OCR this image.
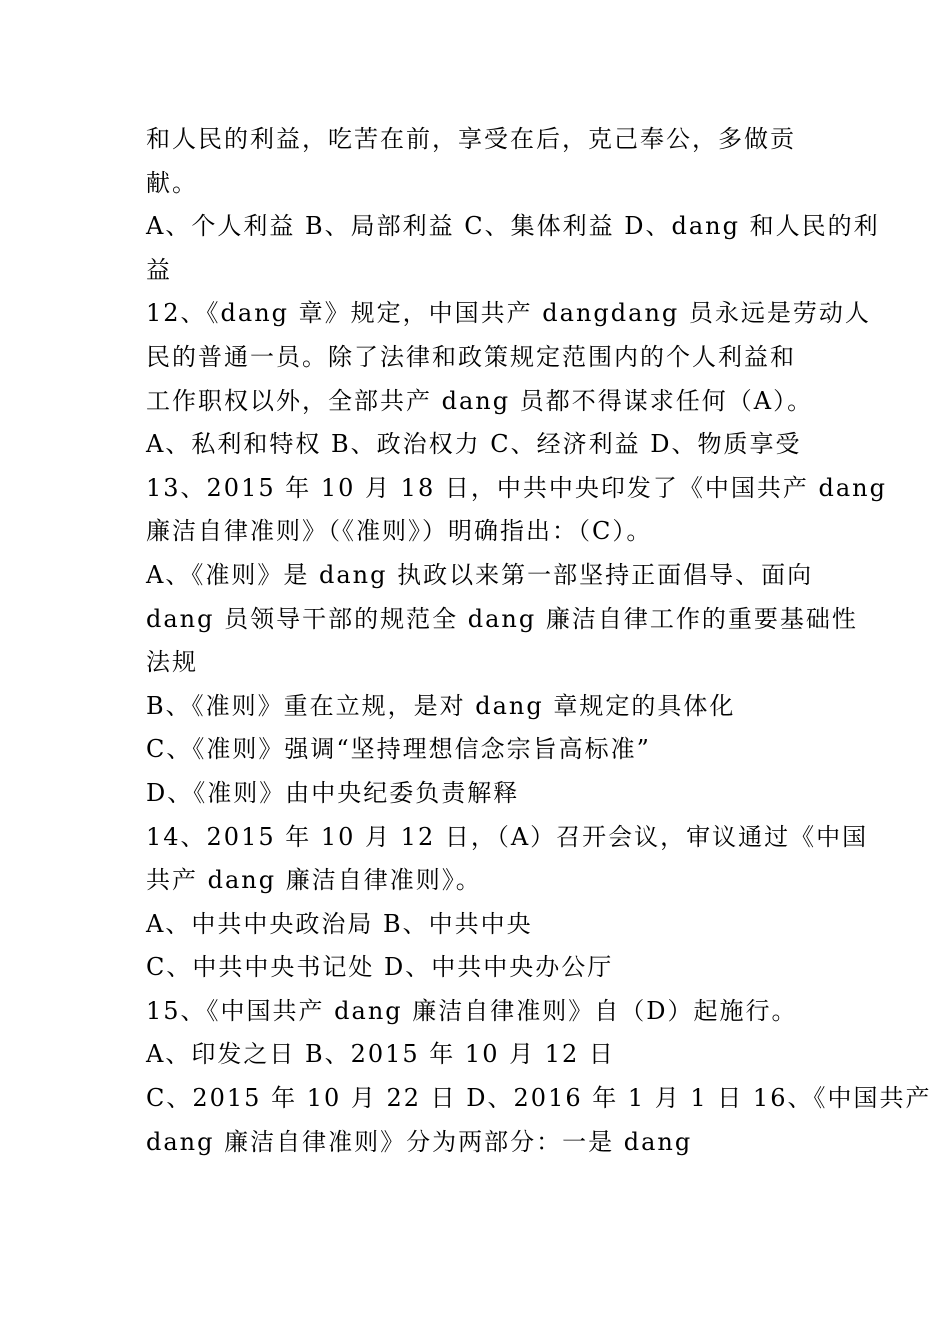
和人民的利益，吃苦在前，享受在后，克己奉公，多做贡
献。
A、个人利益 B、局部利益 C、集体利益 D、dang 和人民的利
益
12、《dang 章》规定，中国共产 dangdang 员永远是劳动人
民的普通一员。除了法律和政策规定范围内的个人利益和
工作职权以外，全部共产 dang 员都不得谋求任何（A）。
A、私利和特权 B、政治权力 C、经济利益 D、物质享受
13、2015 年 10 月 18 日，中共中央印发了《中国共产 dang
廉洁自律准则》（《准则》）明确指出：（C）。
A、《准则》是 dang 执政以来第一部坚持正面倡导、面向
dang 员领导干部的规范全 dang 廉洁自律工作的重要基础性
法规
B、《准则》重在立规，是对 dang 章规定的具体化
C、《准则》强调“坚持理想信念宗旨高标准”
D、《准则》由中央纪委负责解释
14、2015 年 10 月 12 日，（A）召开会议，审议通过《中国
共产 dang 廉洁自律准则》。
A、中共中央政治局 B、中共中央
C、中共中央书记处 D、中共中央办公厅
15、《中国共产 dang 廉洁自律准则》自（D）起施行。
A、印发之日 B、2015 年 10 月 12 日
C、2015 年 10 月 22 日 D、2016 年 1 月 1 日 16、《中国共产
dang 廉洁自律准则》分为两部分：一是 dang
